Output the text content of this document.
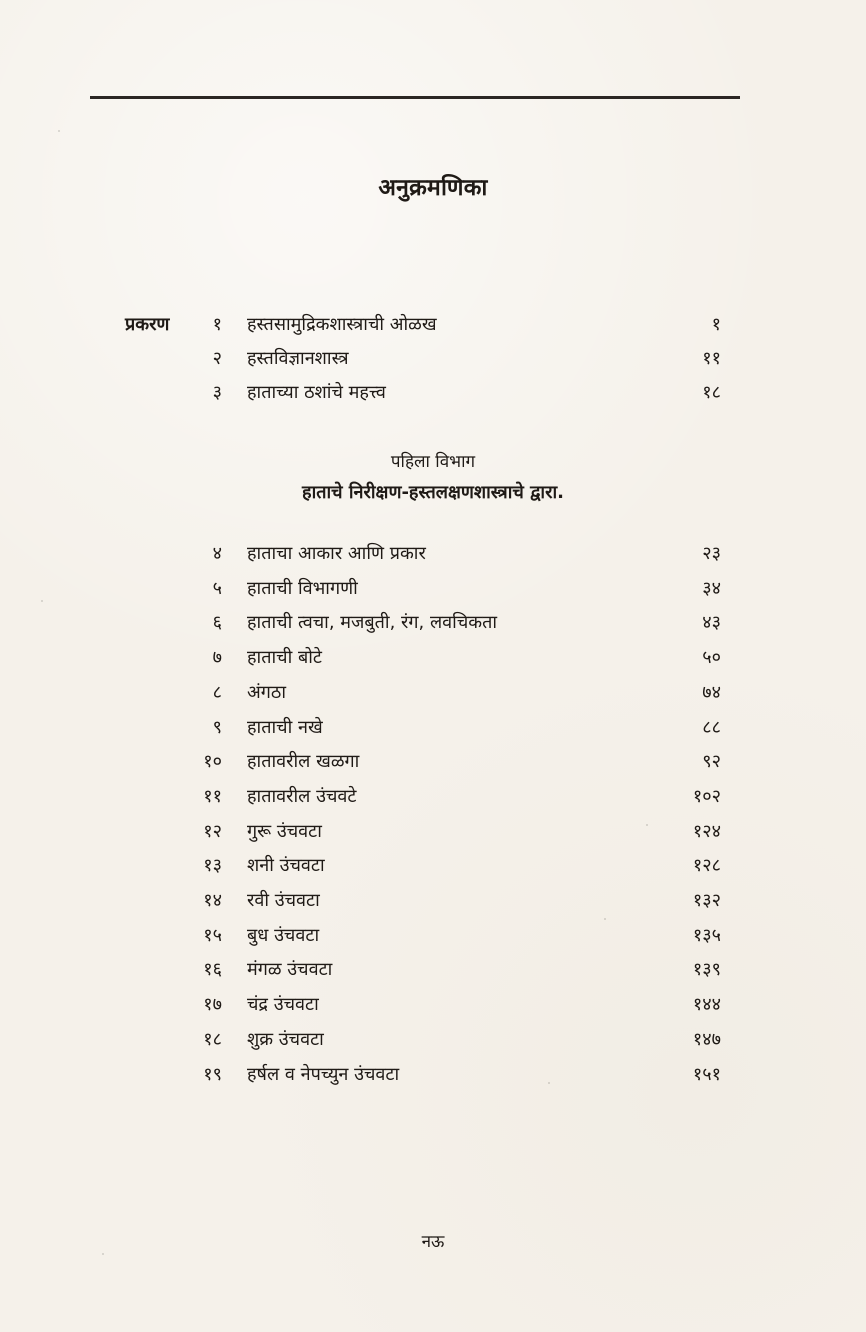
अनुक्रमणिका
प्रकरण	१ हस्तसामुद्रिकशास्त्राची ओळख	१
२ हस्तविज्ञानशास्त्र	११
३ हाताच्या ठशांचे महत्त्व	१८
पहिला विभाग
हाताचे निरीक्षण-हस्तलक्षणशास्त्राचे द्वारा.
४ हाताचा आकार आणि प्रकार	२३
५ हाताची विभागणी	३४
६ हाताची त्वचा, मजबुती, रंग, लवचिकता	४३
७ हाताची बोटे	५०
८ अंगठा	७४
९ हाताची नखे	८८
१० हातावरील खळगा	९२
११ हातावरील उंचवटे	१०२
१२ गुरू उंचवटा	१२४
१३ शनी उंचवटा	१२८
१४ रवी उंचवटा	१३२
१५ बुध उंचवटा	१३५
१६ मंगळ उंचवटा	१३९
१७ चंद्र उंचवटा	१४४
१८ शुक्र उंचवटा	१४७
१९ हर्षल व नेपच्युन उंचवटा	१५१
नऊ
